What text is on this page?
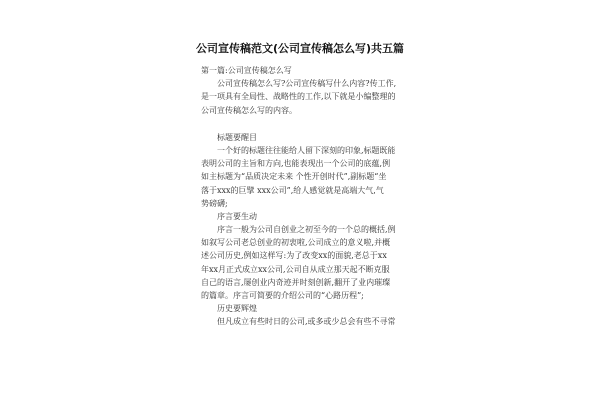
公司宣传稿范文(公司宣传稿怎么写)共五篇
第一篇:公司宣传稿怎么写
公司宣传稿怎么写?公司宣传稿写什么内容?传工作,
是一项具有全局性、战略性的工作,以下就是小编整理的
公司宣传稿怎么写的内容。
标题要醒目
一个好的标题往往能给人留下深刻的印象,标题既能
表明公司的主旨和方向,也能表现出一个公司的底蕴,例
如主标题为“品质决定未来 个性开创时代”,副标题“坐
落于xxx的巨擘 xxx公司”,给人感觉就是高端大气,气
势磅礴;
序言要生动
序言一般为公司自创业之初至今的一个总的概括,例
如叙写公司老总创业的初衷啦,公司成立的意义啦,并概
述公司历史,例如这样写:为了改变xx的面貌,老总于xx
年xx月正式成立xx公司,公司自从成立那天起不断克服
自己的语言,屡创业内奇迹并时刻创新,翻开了业内璀璨
的篇章。序言可简要的介绍公司的“心路历程”;
历史要辉煌
但凡成立有些时日的公司,或多或少总会有些不寻常
